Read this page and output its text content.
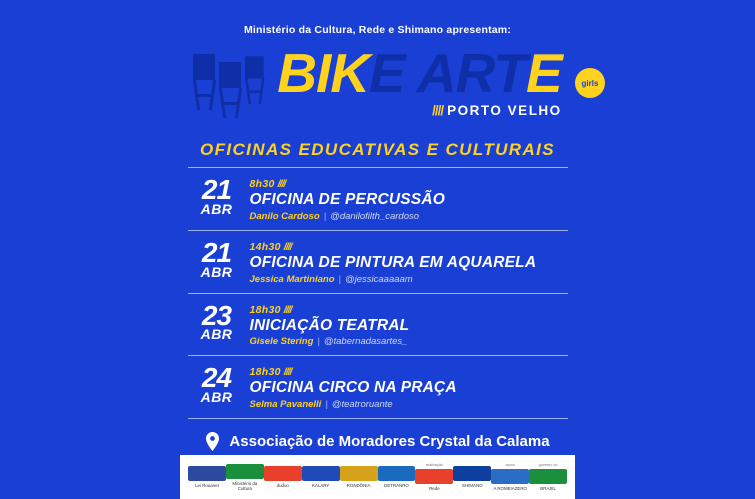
Ministério da Cultura, Rede e Shimano apresentam:
BIKE ARTE
//// PORTO VELHO
girls
OFICINAS EDUCATIVAS E CULTURAIS
21
ABR
8h30 ////
OFICINA DE PERCUSSÃO
Danilo Cardoso | @danilofilth_cardoso
21
ABR
14h30 ////
OFICINA DE PINTURA EM AQUARELA
Jessica Martiniano | @jessicaaaaam
23
ABR
18h30 ////
INICIAÇÃO TEATRAL
Gisele Stering | @tabernadasartes_
24
ABR
18h30 ////
OFICINA CIRCO NA PRAÇA
Selma Pavanelli | @teatroruante
Associação de Moradores Crystal da Calama
Lei Rouanet
Ministério da Cultura
duduo	KALARY	RONDÔNIA	DETRANRO
realização
Rede	SHIMANO
apoio
A ROMEIAZERO
governo do
BRASIL
